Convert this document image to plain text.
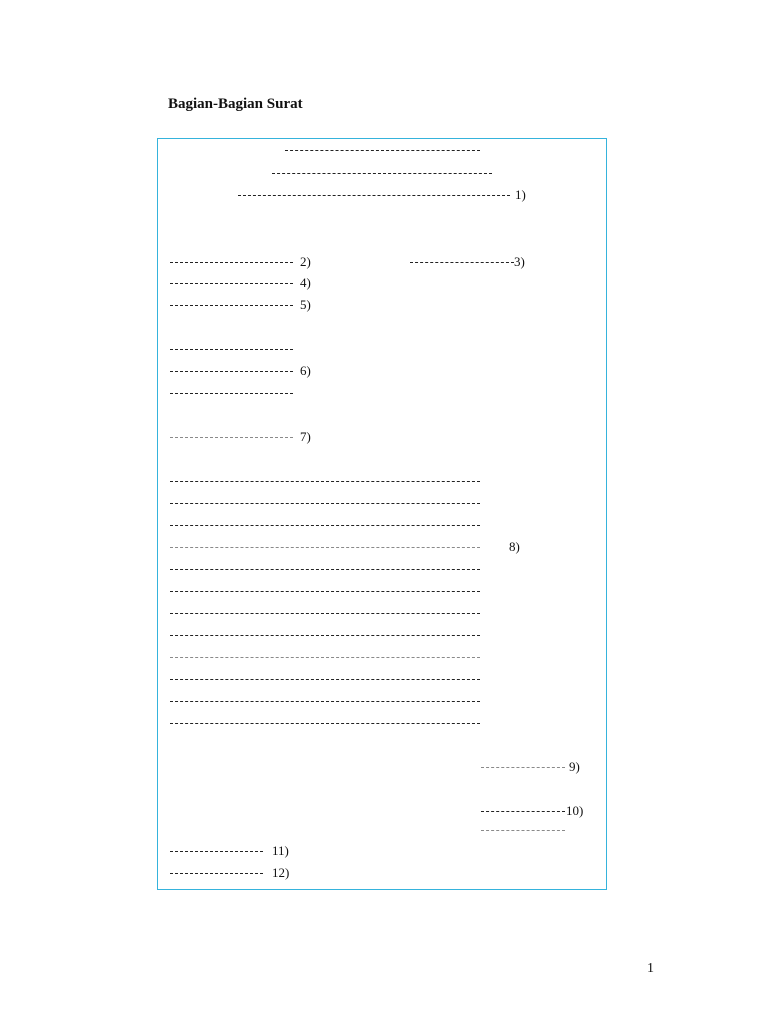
Bagian-Bagian Surat
1)
2)	3)
4)
5)
6)
7)
8)
9)
10)
11)
12)
1
